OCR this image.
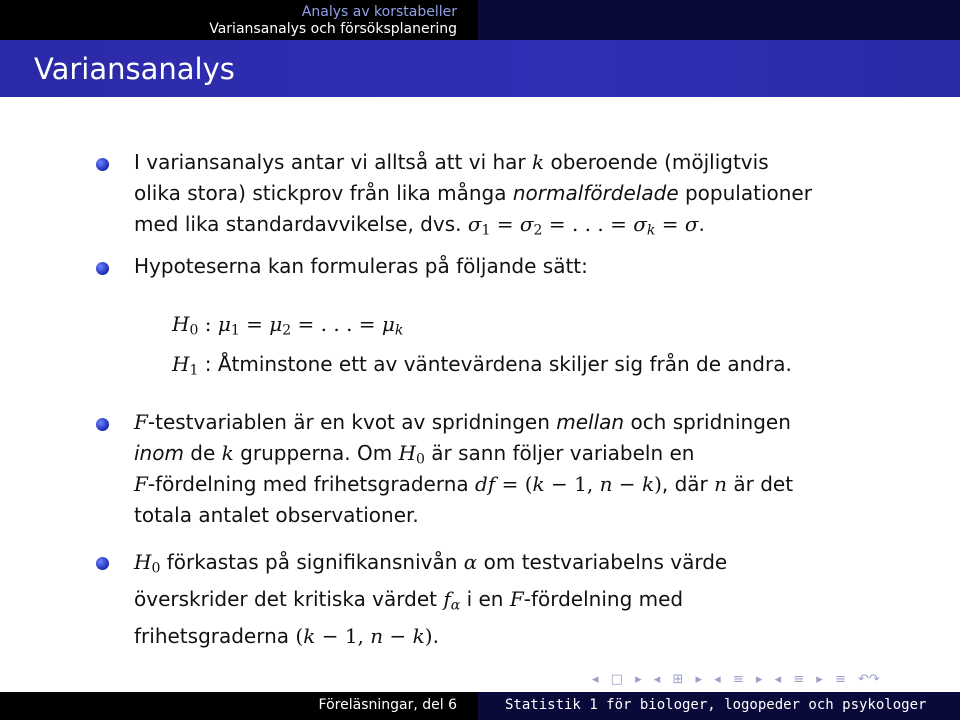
Analys av korstabeller
Variansanalys och försöksplanering
Variansanalys
I variansanalys antar vi alltså att vi har k oberoende (möjligtvis
olika stora) stickprov från lika många normalfördelade populationer
med lika standardavvikelse, dvs. $\sigma_1 = \sigma_2$ = . . . = $\sigma_k = \sigma$.
Hypoteserna kan formuleras på följande sätt:
$H_0$ : $\mu_1 = \mu_2$ = . . . = $\mu_k$
$H_1$ : Åtminstone ett av väntevärdena skiljer sig från de andra.
F-testvariablen är en kvot av spridningen mellan och spridningen
inom de k grupperna. Om $H_0$ är sann följer variabeln en
F-fördelning med frihetsgraderna df = (k − 1, n − k), där n är det
totala antalet observationer.
$H_0$ förkastas på signifikansnivån α om testvariabelns värde
överskrider det kritiska värdet $f_\alpha$ i en F-fördelning med
frihetsgraderna (k − 1, n − k).
◂ □ ▸ ◂ ⊞ ▸ ◂ ≡ ▸ ◂ ≡ ▸ ≡ ↶↷
Föreläsningar, del 6	Statistik 1 för biologer, logopeder och psykologer
